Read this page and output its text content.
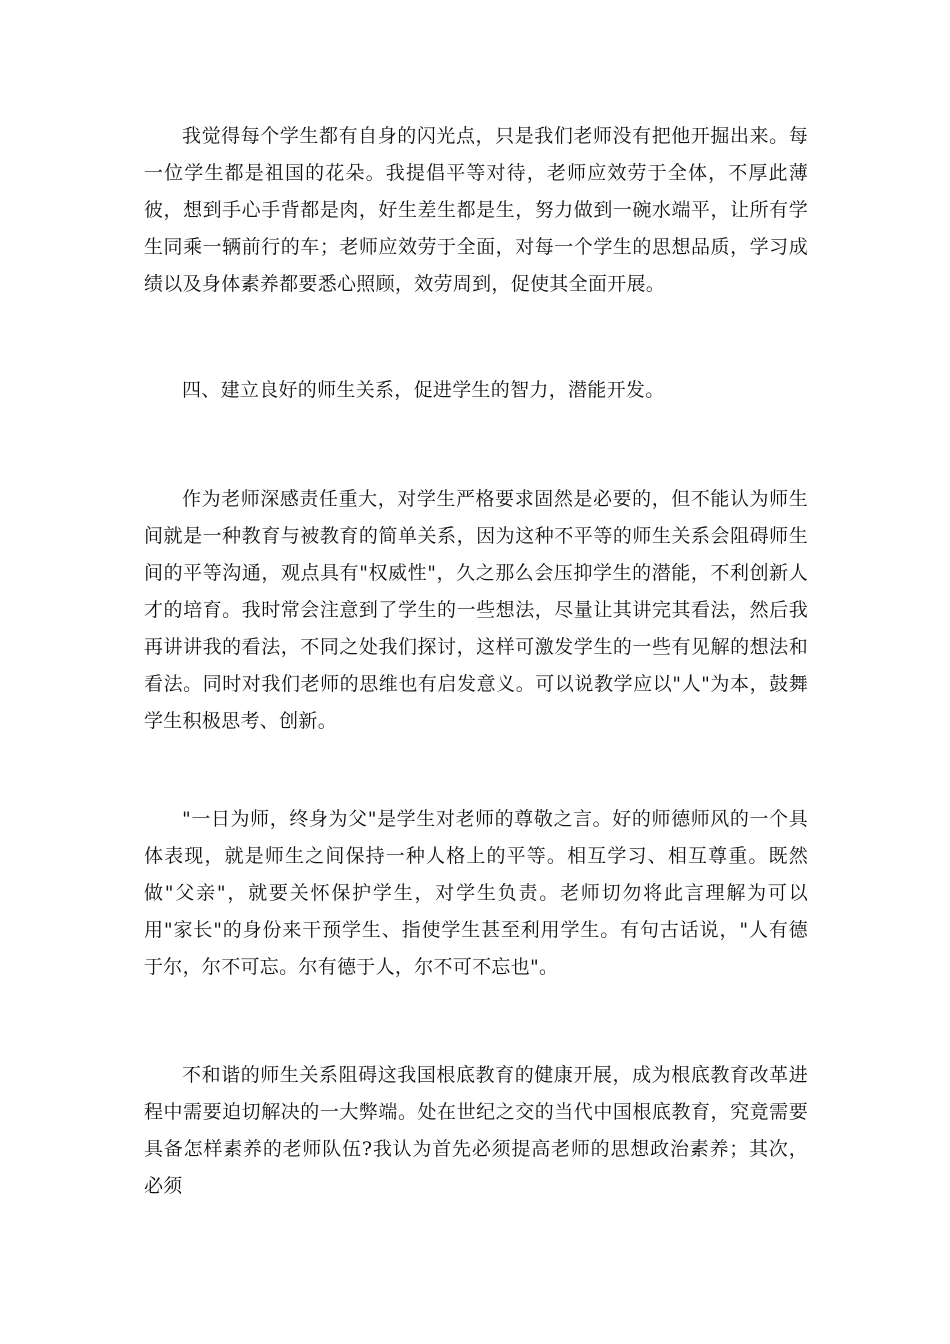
我觉得每个学生都有自身的闪光点，只是我们老师没有把他开掘出来。每一位学生都是祖国的花朵。我提倡平等对待，老师应效劳于全体，不厚此薄彼，想到手心手背都是肉，好生差生都是生，努力做到一碗水端平，让所有学生同乘一辆前行的车；老师应效劳于全面，对每一个学生的思想品质，学习成绩以及身体素养都要悉心照顾，效劳周到，促使其全面开展。

四、建立良好的师生关系，促进学生的智力，潜能开发。

作为老师深感责任重大，对学生严格要求固然是必要的，但不能认为师生间就是一种教育与被教育的简单关系，因为这种不平等的师生关系会阻碍师生间的平等沟通，观点具有"权威性"，久之那么会压抑学生的潜能，不利创新人才的培育。我时常会注意到了学生的一些想法，尽量让其讲完其看法，然后我再讲讲我的看法，不同之处我们探讨，这样可激发学生的一些有见解的想法和看法。同时对我们老师的思维也有启发意义。可以说教学应以"人"为本，鼓舞学生积极思考、创新。

"一日为师，终身为父"是学生对老师的尊敬之言。好的师德师风的一个具体表现，就是师生之间保持一种人格上的平等。相互学习、相互尊重。既然做"父亲"，就要关怀保护学生，对学生负责。老师切勿将此言理解为可以用"家长"的身份来干预学生、指使学生甚至利用学生。有句古话说，"人有德于尔，尔不可忘。尔有德于人，尔不可不忘也"。

不和谐的师生关系阻碍这我国根底教育的健康开展，成为根底教育改革进程中需要迫切解决的一大弊端。处在世纪之交的当代中国根底教育，究竟需要具备怎样素养的老师队伍?我认为首先必须提高老师的思想政治素养；其次，必须
